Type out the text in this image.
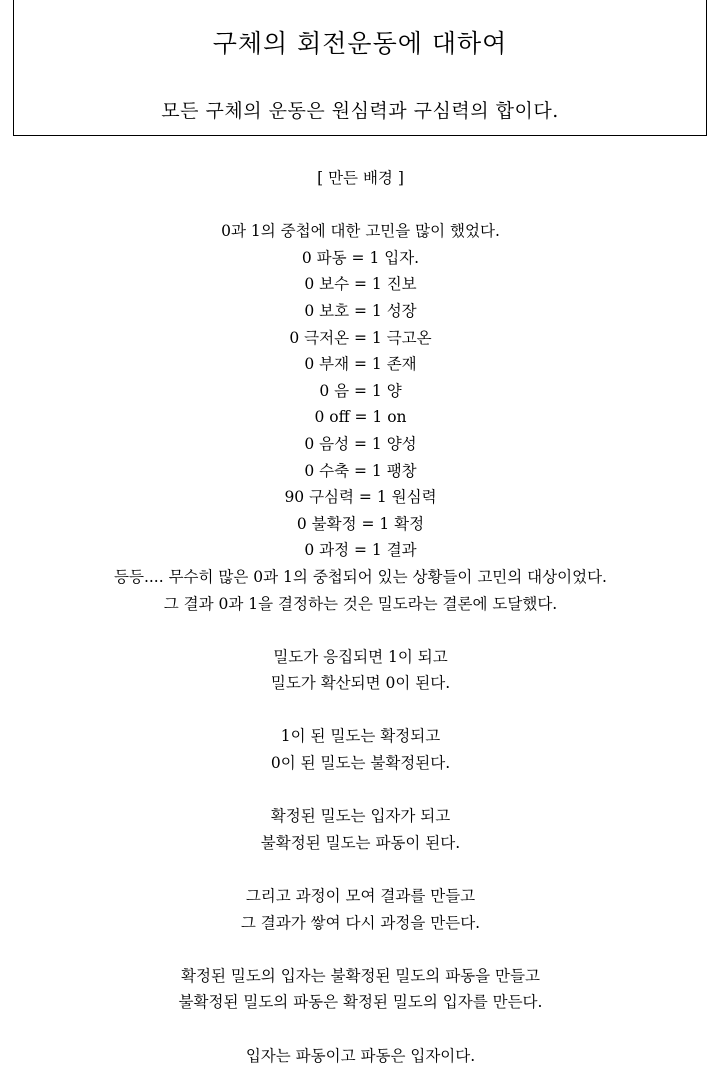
구체의 회전운동에 대하여
모든 구체의 운동은 원심력과 구심력의 합이다.
[ 만든 배경 ]
0과 1의 중첩에 대한 고민을 많이 했었다.
0 파동 = 1 입자.
0 보수 = 1 진보
0 보호 = 1 성장
0 극저온 = 1 극고온
0 부재 = 1 존재
0 음 = 1 양
0 off = 1 on
0 음성 = 1 양성
0 수축 = 1 팽창
90 구심력 = 1 원심력
0 불확정 = 1 확정
0 과정 = 1 결과
등등.... 무수히 많은 0과 1의 중첩되어 있는 상황들이 고민의 대상이었다.
그 결과 0과 1을 결정하는 것은 밀도라는 결론에 도달했다.
밀도가 응집되면 1이 되고
밀도가 확산되면 0이 된다.
1이 된 밀도는 확정되고
0이 된 밀도는 불확정된다.
확정된 밀도는 입자가 되고
불확정된 밀도는 파동이 된다.
그리고 과정이 모여 결과를 만들고
그 결과가 쌓여 다시 과정을 만든다.
확정된 밀도의 입자는 불확정된 밀도의 파동을 만들고
불확정된 밀도의 파동은 확정된 밀도의 입자를 만든다.
입자는 파동이고 파동은 입자이다.
